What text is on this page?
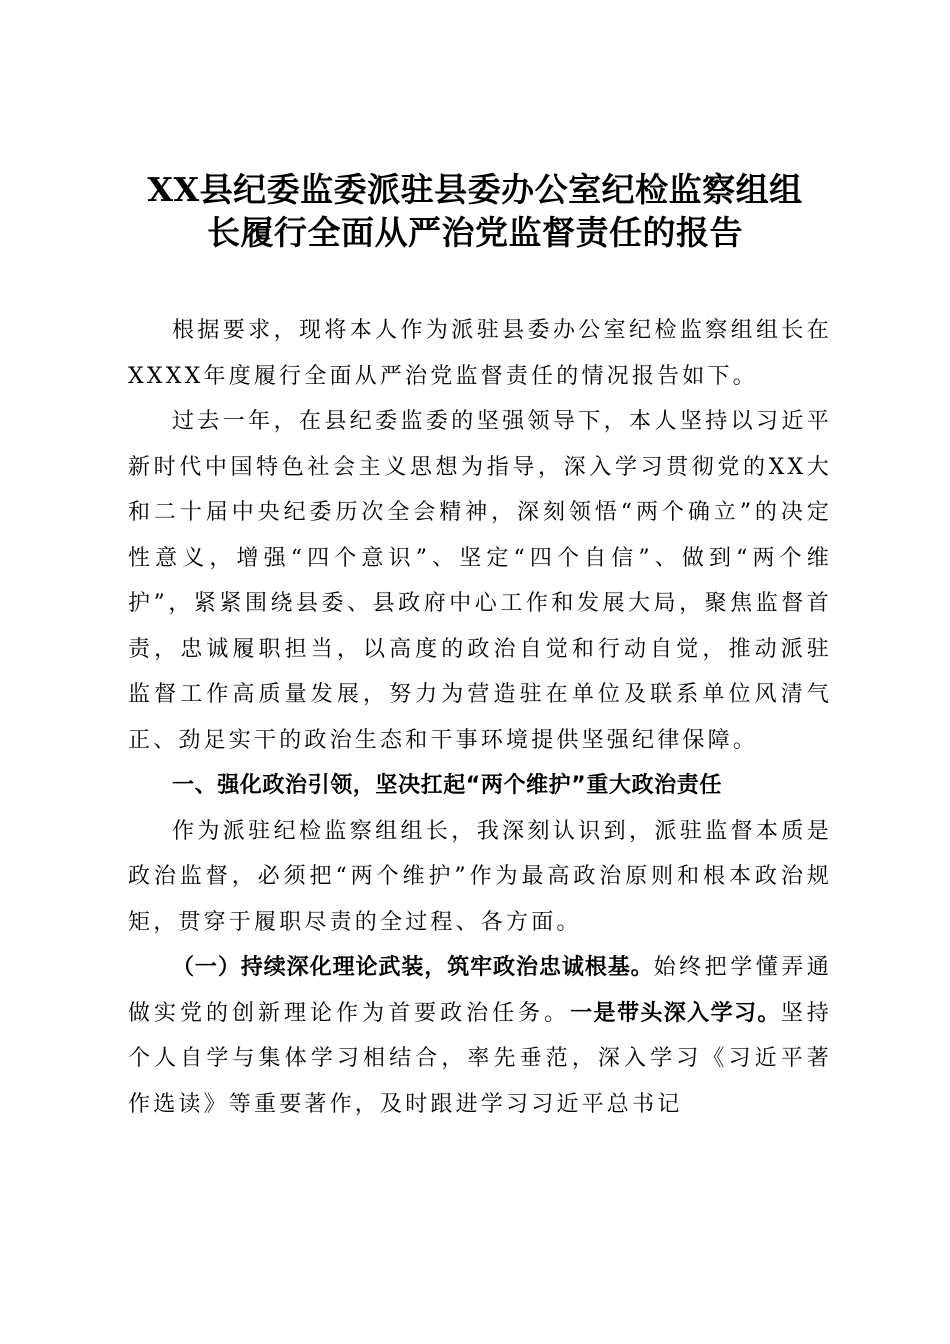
XX县纪委监委派驻县委办公室纪检监察组组
长履行全面从严治党监督责任的报告

根据要求，现将本人作为派驻县委办公室纪检监察组组长在XXXX年度履行全面从严治党监督责任的情况报告如下。

过去一年，在县纪委监委的坚强领导下，本人坚持以习近平新时代中国特色社会主义思想为指导，深入学习贯彻党的XX大和二十届中央纪委历次全会精神，深刻领悟“两个确立”的决定性意义，增强“四个意识”、坚定“四个自信”、做到“两个维护”，紧紧围绕县委、县政府中心工作和发展大局，聚焦监督首责，忠诚履职担当，以高度的政治自觉和行动自觉，推动派驻监督工作高质量发展，努力为营造驻在单位及联系单位风清气正、劲足实干的政治生态和干事环境提供坚强纪律保障。

一、强化政治引领，坚决扛起“两个维护”重大政治责任

作为派驻纪检监察组组长，我深刻认识到，派驻监督本质是政治监督，必须把“两个维护”作为最高政治原则和根本政治规矩，贯穿于履职尽责的全过程、各方面。

（一）持续深化理论武装，筑牢政治忠诚根基。始终把学懂弄通做实党的创新理论作为首要政治任务。一是带头深入学习。坚持个人自学与集体学习相结合，率先垂范，深入学习《习近平著作选读》等重要著作，及时跟进学习习近平总书记
